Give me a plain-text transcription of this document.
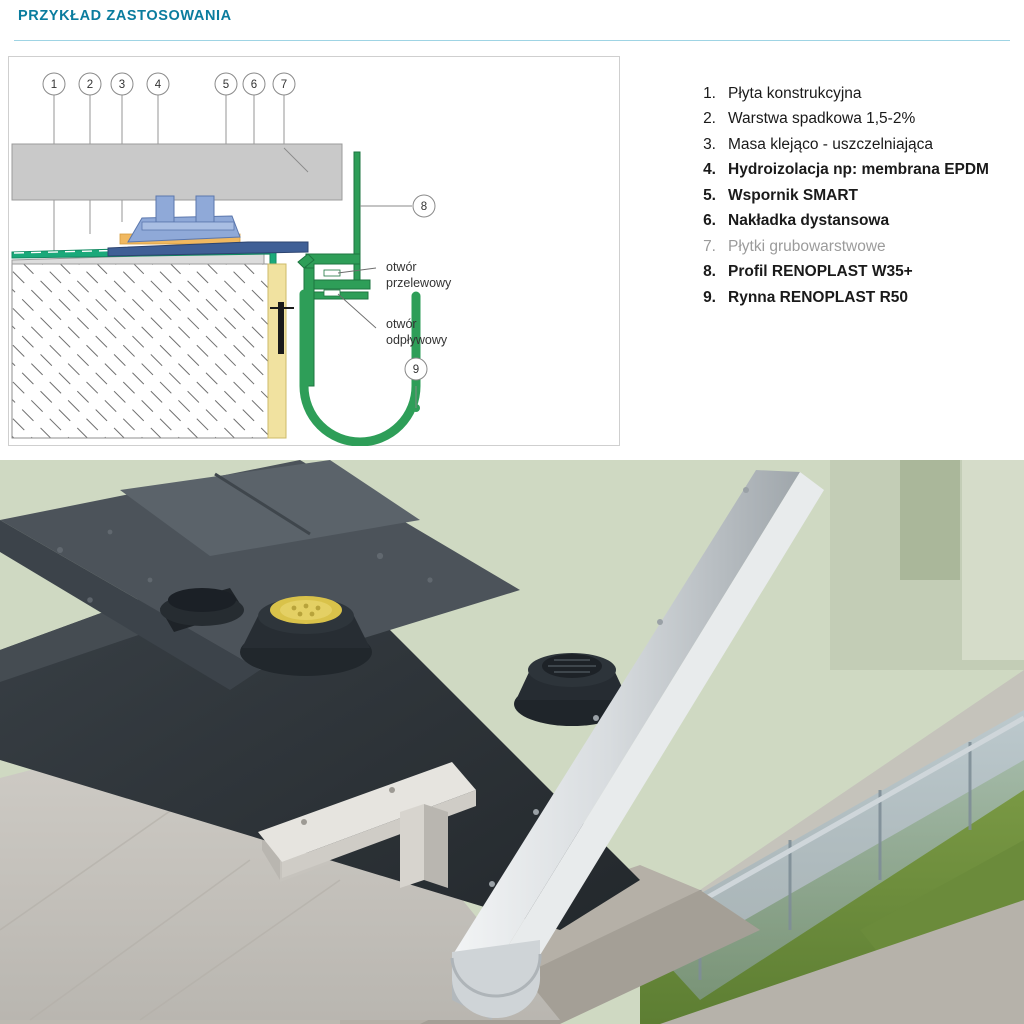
PRZYKŁAD ZASTOSOWANIA
otwór
przelewowy
otwór
odpływowy
1	2 3	4	5 6 7
8
9
1. Płyta konstrukcyjna
2. Warstwa spadkowa 1,5-2%
3. Masa klejąco - uszczelniająca
4. Hydroizolacja np: membrana EPDM
5. Wspornik SMART
6. Nakładka dystansowa
7. Płytki grubowarstwowe
8. Profil RENOPLAST W35+
9. Rynna RENOPLAST R50
